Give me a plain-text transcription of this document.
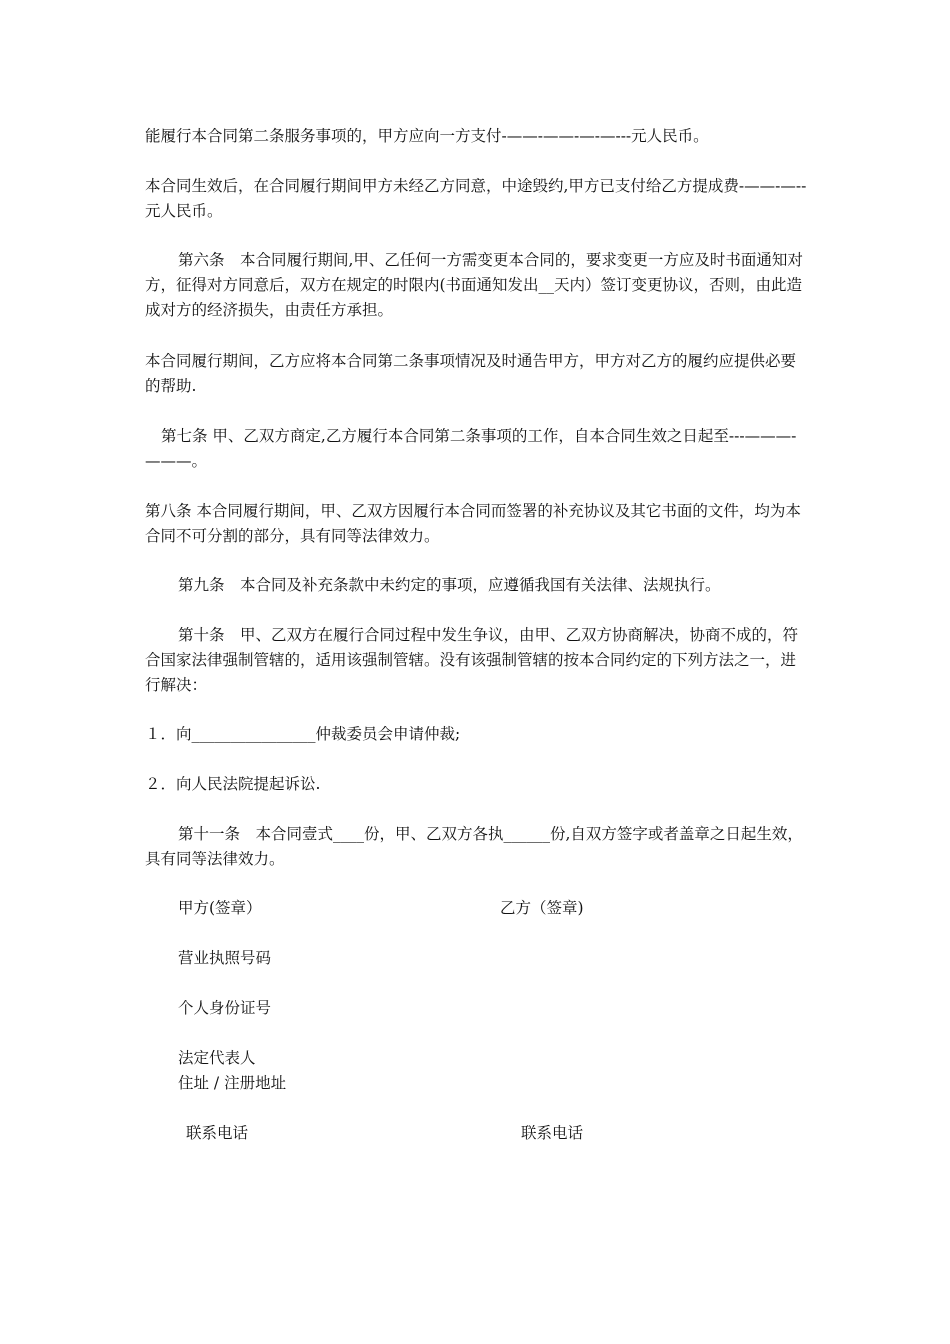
能履行本合同第二条服务事项的，甲方应向一方支付-——-——-—-—---元人民币。

本合同生效后，在合同履行期间甲方未经乙方同意，中途毁约,甲方已支付给乙方提成费-——-—--元人民币。

第六条　本合同履行期间,甲、乙任何一方需变更本合同的，要求变更一方应及时书面通知对方，征得对方同意后，双方在规定的时限内(书面通知发出__天内）签订变更协议，否则，由此造成对方的经济损失，由责任方承担。

本合同履行期间，乙方应将本合同第二条事项情况及时通告甲方，甲方对乙方的履约应提供必要的帮助.

第七条 甲、乙双方商定,乙方履行本合同第二条事项的工作，自本合同生效之日起至---———-———。

第八条 本合同履行期间，甲、乙双方因履行本合同而签署的补充协议及其它书面的文件，均为本合同不可分割的部分，具有同等法律效力。

第九条　本合同及补充条款中未约定的事项，应遵循我国有关法律、法规执行。

第十条　甲、乙双方在履行合同过程中发生争议，由甲、乙双方协商解决，协商不成的，符合国家法律强制管辖的，适用该强制管辖。没有该强制管辖的按本合同约定的下列方法之一，进行解决：

１．向________________仲裁委员会申请仲裁;

２．向人民法院提起诉讼.

第十一条　本合同壹式____份，甲、乙双方各执______份,自双方签字或者盖章之日起生效，具有同等法律效力。

甲方(签章）	乙方（签章)

营业执照号码

个人身份证号

法定代表人

住址 / 注册地址

联系电话	联系电话
